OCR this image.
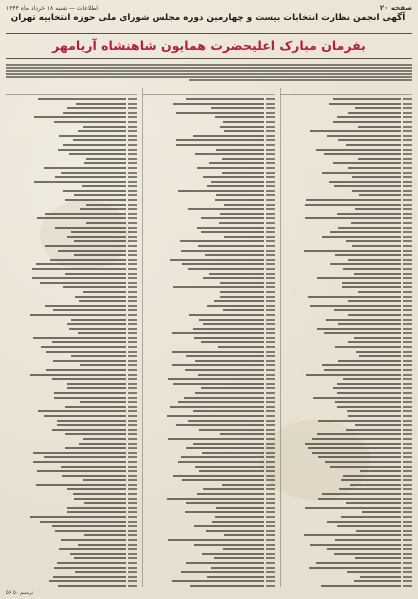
صفحه ۲۰
اطلاعات — شنبه ۱۸ خرداد ماه ۱۳۴۴
آگهی انجمن نظارت انتخابات بیست و چهارمین دوره مجلس شورای ملی حوزه انتخابیه تهران
بفرمان مبارک اعلیحضرت همایون شاهنشاه آریامهر
۵۶ ترسیم ۵۰
